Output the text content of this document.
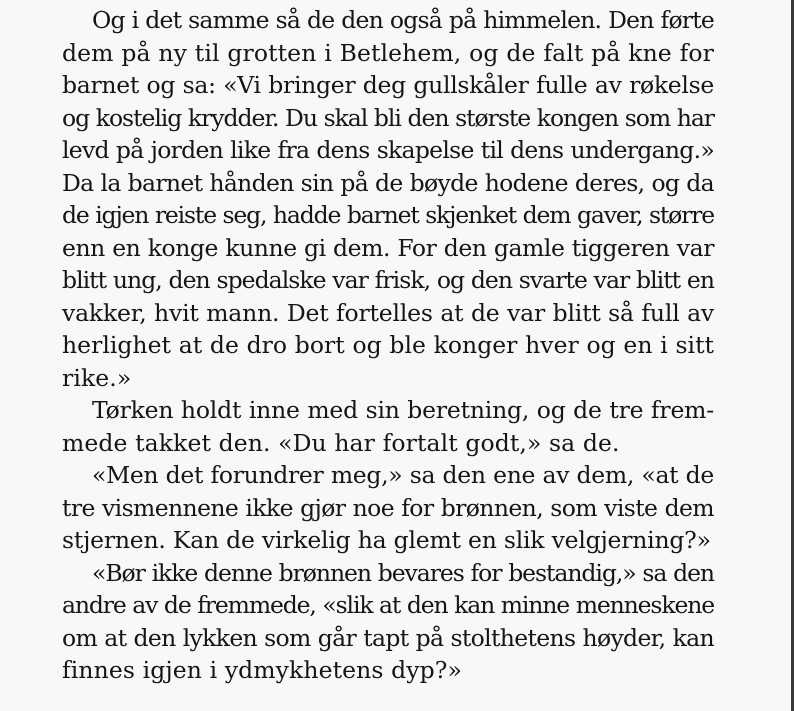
Og i det samme så de den også på himmelen. Den førte
dem på ny til grotten i Betlehem, og de falt på kne for
barnet og sa: «Vi bringer deg gullskåler fulle av røkelse
og kostelig krydder. Du skal bli den største kongen som har
levd på jorden like fra dens skapelse til dens undergang.»
Da la barnet hånden sin på de bøyde hodene deres, og da
de igjen reiste seg, hadde barnet skjenket dem gaver, større
enn en konge kunne gi dem. For den gamle tiggeren var
blitt ung, den spedalske var frisk, og den svarte var blitt en
vakker, hvit mann. Det fortelles at de var blitt så full av
herlighet at de dro bort og ble konger hver og en i sitt
rike.»
Tørken holdt inne med sin beretning, og de tre frem-
mede takket den. «Du har fortalt godt,» sa de.
«Men det forundrer meg,» sa den ene av dem, «at de
tre vismennene ikke gjør noe for brønnen, som viste dem
stjernen. Kan de virkelig ha glemt en slik velgjerning?»
«Bør ikke denne brønnen bevares for bestandig,» sa den
andre av de fremmede, «slik at den kan minne menneskene
om at den lykken som går tapt på stolthetens høyder, kan
finnes igjen i ydmykhetens dyp?»
